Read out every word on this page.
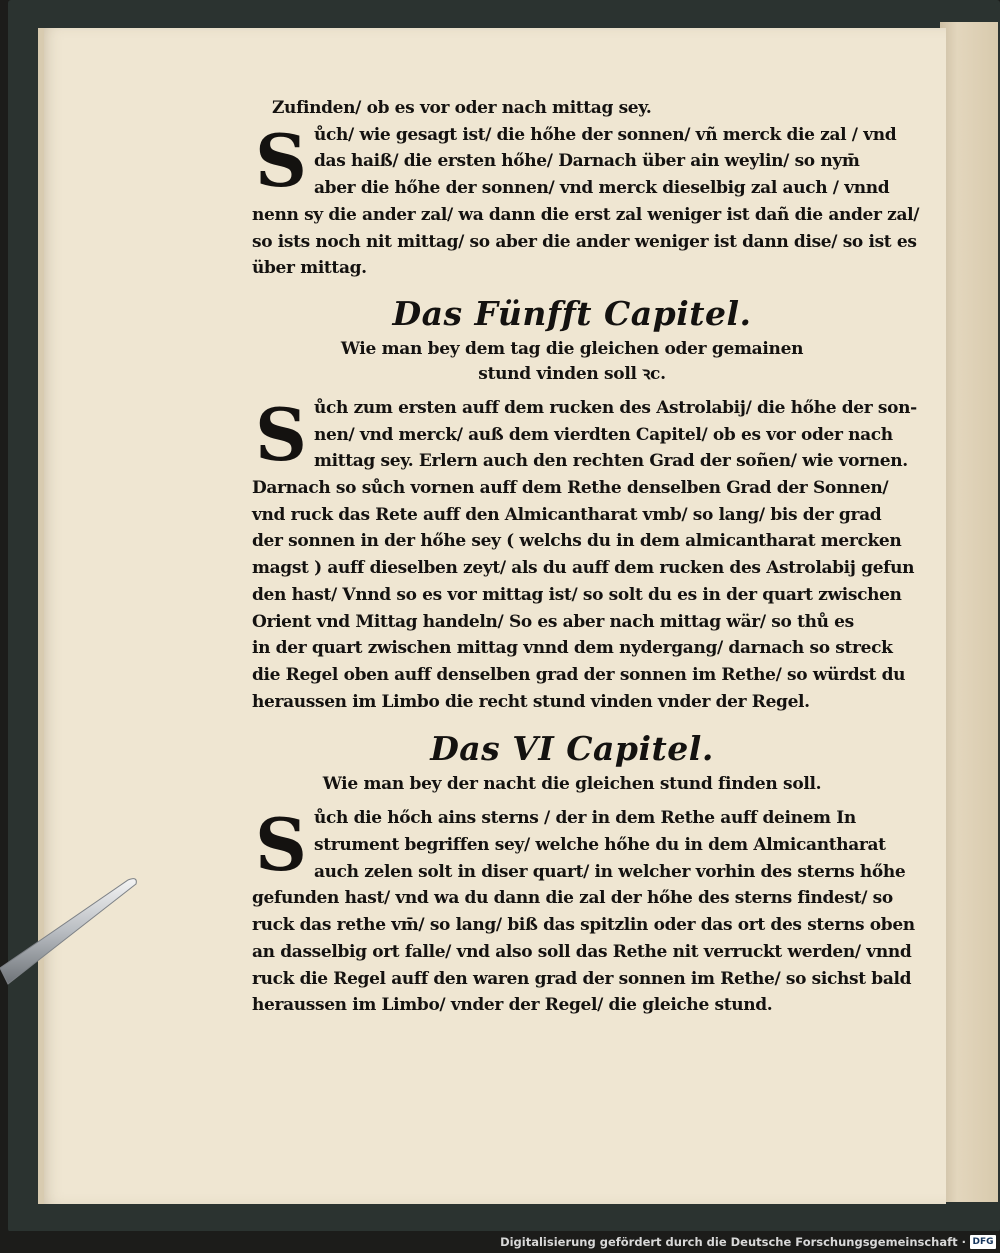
Zufinden/ ob es vor oder nach mittag sey.
S ůch/ wie gesagt ist/ die hőhe der sonnen/ vñ merck die zal / vnd
das haiß/ die ersten hőhe/ Darnach über ain weylin/ so nym̄
aber die hőhe der sonnen/ vnd merck dieselbig zal auch / vnnd
nenn sy die ander zal/ wa dann die erst zal weniger ist dañ die ander zal/
so ists noch nit mittag/ so aber die ander weniger ist dann dise/ so ist es
über mittag.
Das Fünfft Capitel.
Wie man bey dem tag die gleichen oder gemainen
stund vinden soll ꝛc.
S ůch zum ersten auff dem rucken des Astrolabij/ die hőhe der son-
nen/ vnd merck/ auß dem vierdten Capitel/ ob es vor oder nach
mittag sey. Erlern auch den rechten Grad der soñen/ wie vornen.
Darnach so sůch vornen auff dem Rethe denselben Grad der Sonnen/
vnd ruck das Rete auff den Almicantharat vmb/ so lang/ bis der grad
der sonnen in der hőhe sey ( welchs du in dem almicantharat mercken
magst ) auff dieselben zeyt/ als du auff dem rucken des Astrolabij gefun
den hast/ Vnnd so es vor mittag ist/ so solt du es in der quart zwischen
Orient vnd Mittag handeln/ So es aber nach mittag wär/ so thů es
in der quart zwischen mittag vnnd dem nydergang/ darnach so streck
die Regel oben auff denselben grad der sonnen im Rethe/ so würdst du
heraussen im Limbo die recht stund vinden vnder der Regel.
Das VI Capitel.
Wie man bey der nacht die gleichen stund finden soll.
S ůch die hőch ains sterns / der in dem Rethe auff deinem In
strument begriffen sey/ welche hőhe du in dem Almicantharat
auch zelen solt in diser quart/ in welcher vorhin des sterns hőhe
gefunden hast/ vnd wa du dann die zal der hőhe des sterns findest/ so
ruck das rethe vm̄/ so lang/ biß das spitzlin oder das ort des sterns oben
an dasselbig ort falle/ vnd also soll das Rethe nit verruckt werden/ vnnd
ruck die Regel auff den waren grad der sonnen im Rethe/ so sichst bald
heraussen im Limbo/ vnder der Regel/ die gleiche stund.
Digitalisierung gefördert durch die Deutsche Forschungsgemeinschaft · DFG
